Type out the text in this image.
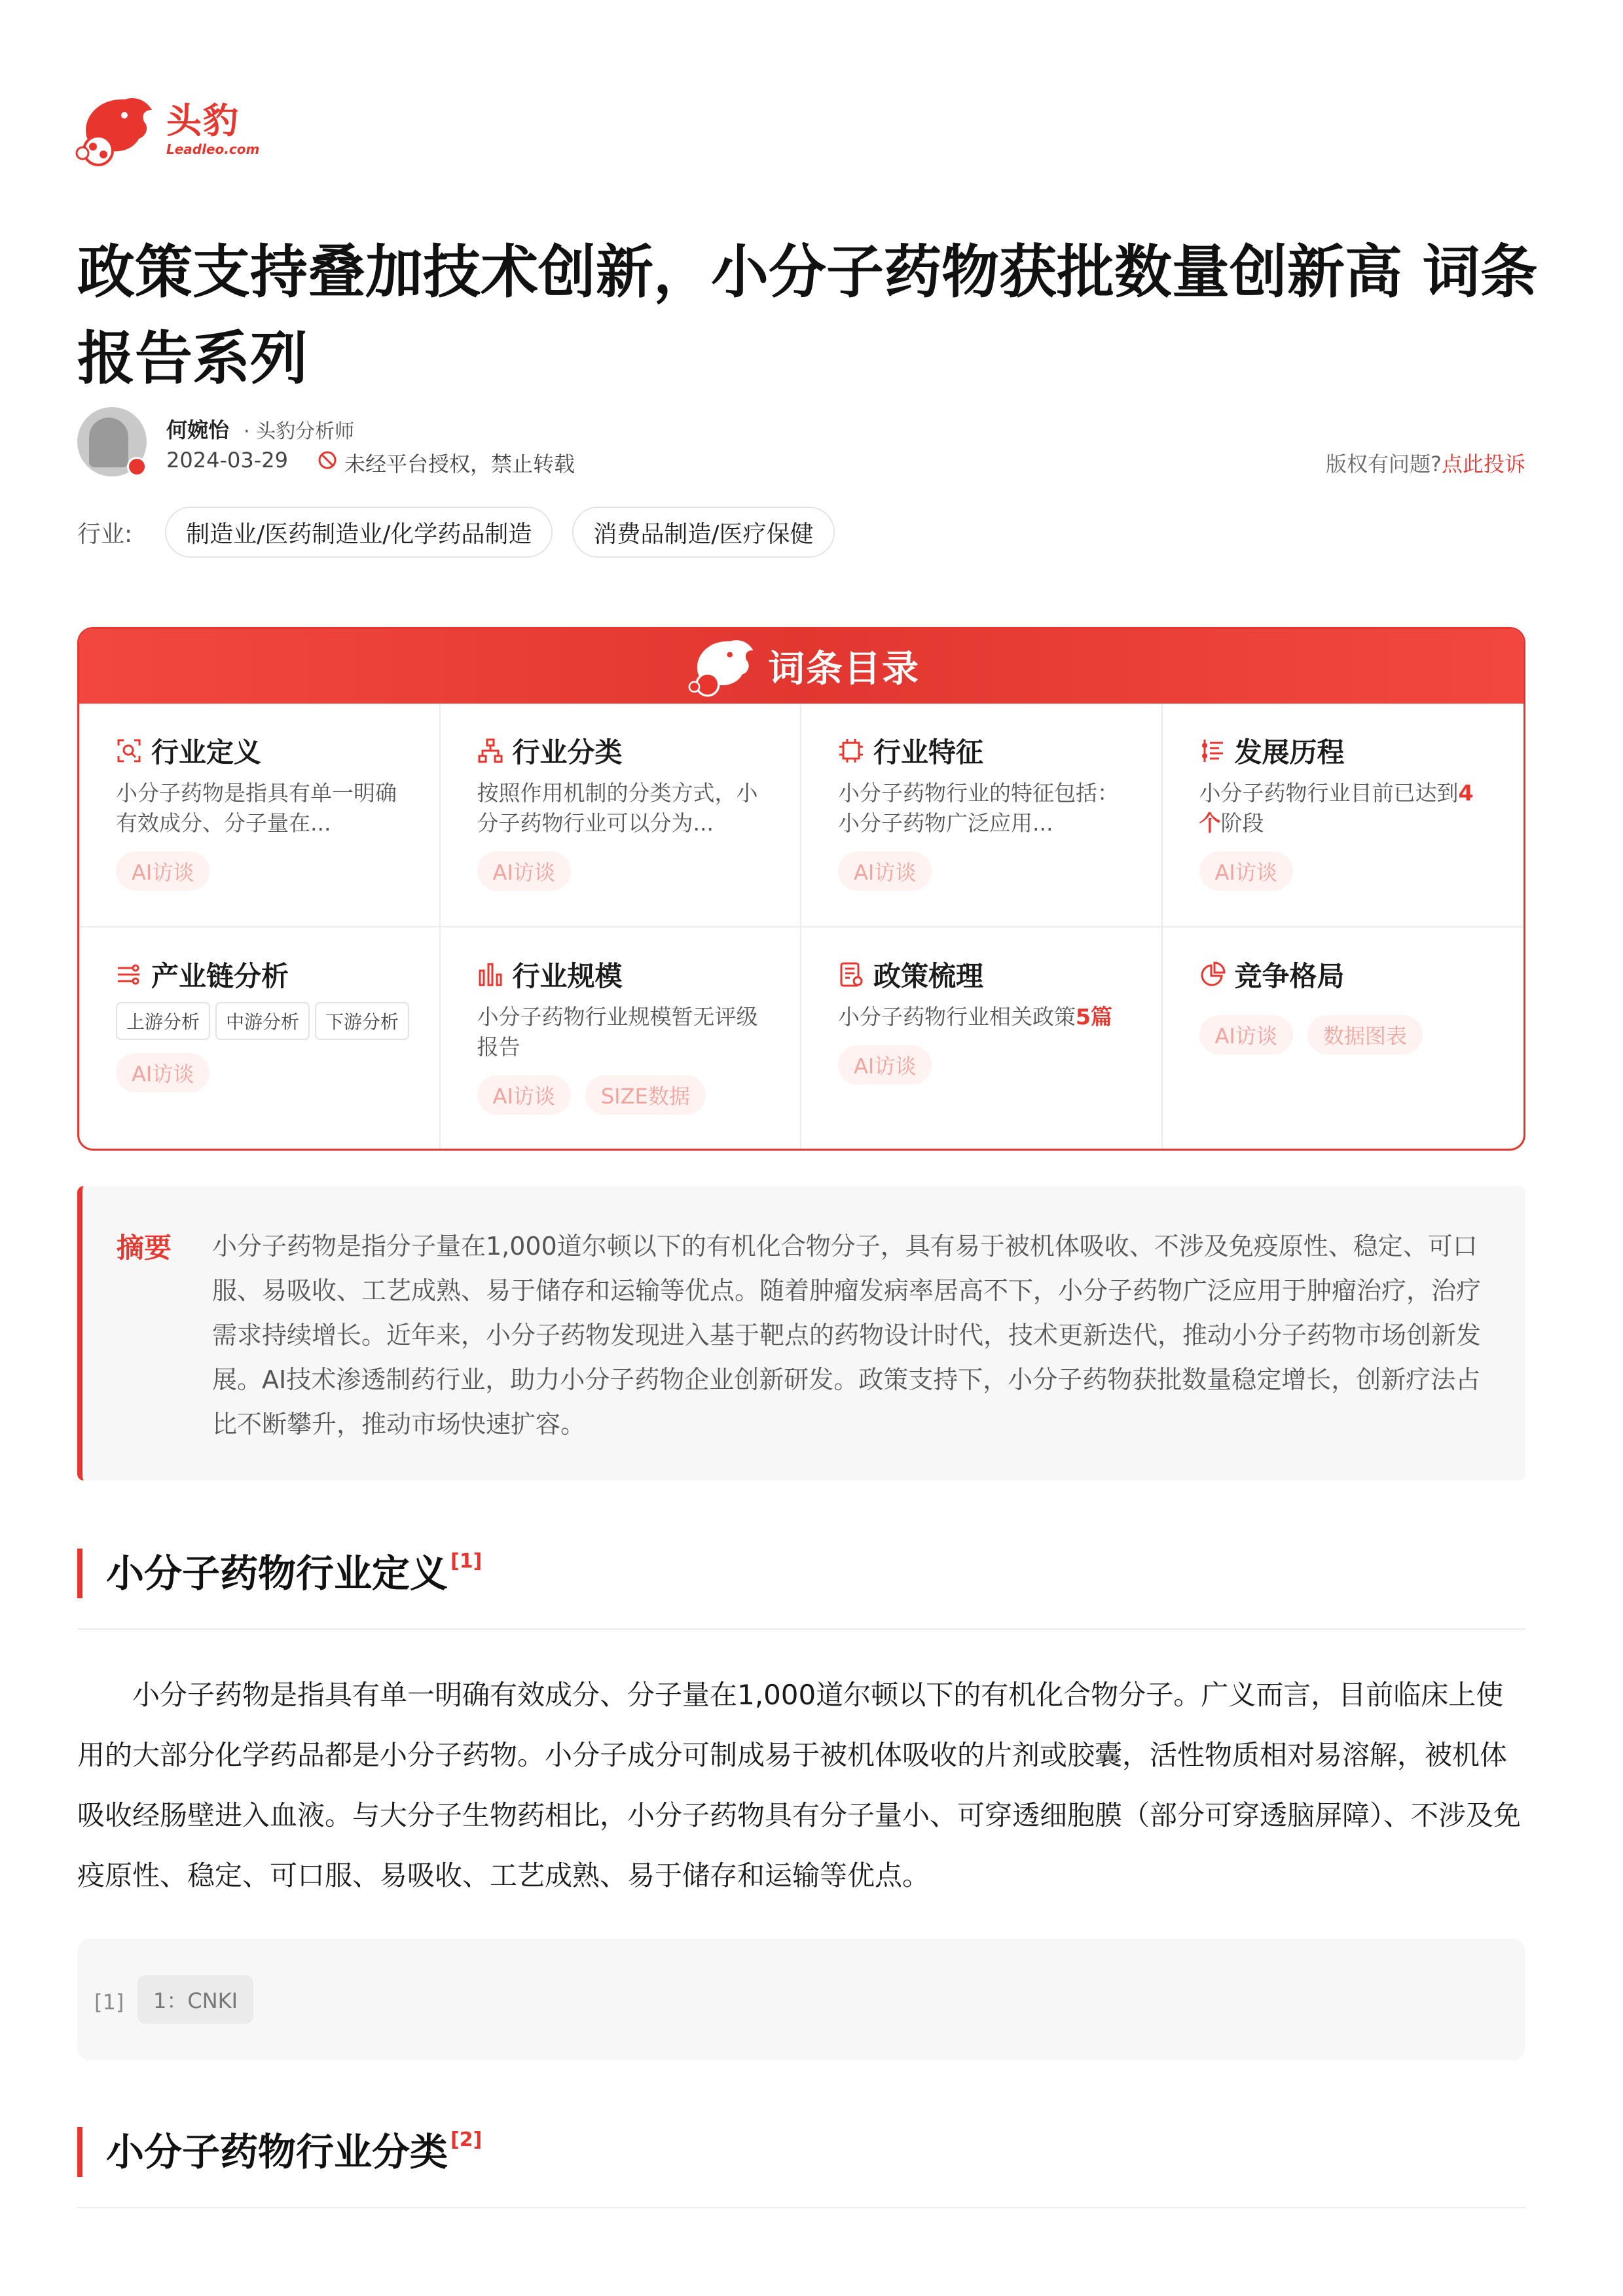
头豹
Leadleo.com
政策支持叠加技术创新，小分子药物获批数量创新高 词条报告系列
何婉怡 · 头豹分析师
2024-03-29	未经平台授权，禁止转载	版权有问题?点此投诉
行业:	制造业/医药制造业/化学药品制造	消费品制造/医疗保健
词条目录
行业定义
小分子药物是指具有单一明确有效成分、分子量在...
AI访谈
行业分类
按照作用机制的分类方式，小分子药物行业可以分为...
AI访谈
行业特征
小分子药物行业的特征包括：小分子药物广泛应用...
AI访谈
发展历程
小分子药物行业目前已达到4个阶段
AI访谈
产业链分析
上游分析	中游分析	下游分析
AI访谈
行业规模
小分子药物行业规模暂无评级报告
AI访谈	SIZE数据
政策梳理
小分子药物行业相关政策5篇
AI访谈
竞争格局
AI访谈	数据图表
摘要 小分子药物是指分子量在1,000道尔顿以下的有机化合物分子，具有易于被机体吸收、不涉及免疫原性、稳定、可口服、易吸收、工艺成熟、易于储存和运输等优点。随着肿瘤发病率居高不下，小分子药物广泛应用于肿瘤治疗，治疗需求持续增长。近年来，小分子药物发现进入基于靶点的药物设计时代，技术更新迭代，推动小分子药物市场创新发展。AI技术渗透制药行业，助力小分子药物企业创新研发。政策支持下，小分子药物获批数量稳定增长，创新疗法占比不断攀升，推动市场快速扩容。

小分子药物行业定义 [1]

小分子药物是指具有单一明确有效成分、分子量在1,000道尔顿以下的有机化合物分子。广义而言，目前临床上使用的大部分化学药品都是小分子药物。小分子成分可制成易于被机体吸收的片剂或胶囊，活性物质相对易溶解，被机体吸收经肠壁进入血液。与大分子生物药相比，小分子药物具有分子量小、可穿透细胞膜（部分可穿透脑屏障）、不涉及免疫原性、稳定、可口服、易吸收、工艺成熟、易于储存和运输等优点。

[1]	1：CNKI
小分子药物行业分类 [2]
